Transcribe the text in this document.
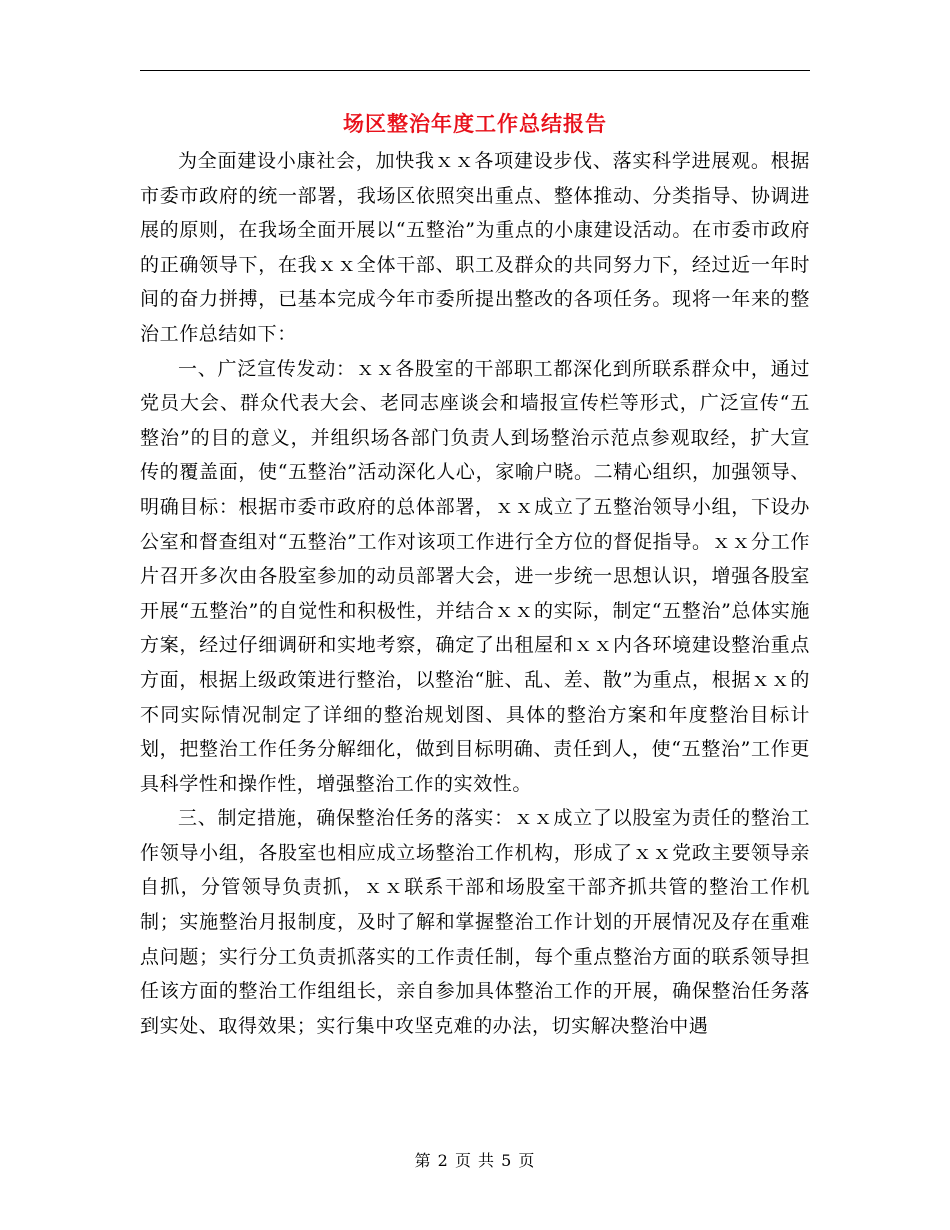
场区整治年度工作总结报告

为全面建设小康社会，加快我ｘｘ各项建设步伐、落实科学进展观。根据市委市政府的统一部署，我场区依照突出重点、整体推动、分类指导、协调进展的原则，在我场全面开展以“五整治”为重点的小康建设活动。在市委市政府的正确领导下，在我ｘｘ全体干部、职工及群众的共同努力下，经过近一年时间的奋力拼搏，已基本完成今年市委所提出整改的各项任务。现将一年来的整治工作总结如下：

一、广泛宣传发动：ｘｘ各股室的干部职工都深化到所联系群众中，通过党员大会、群众代表大会、老同志座谈会和墙报宣传栏等形式，广泛宣传“五整治”的目的意义，并组织场各部门负责人到场整治示范点参观取经，扩大宣传的覆盖面，使“五整治”活动深化人心，家喻户晓。二精心组织，加强领导、明确目标：根据市委市政府的总体部署，ｘｘ成立了五整治领导小组，下设办公室和督查组对“五整治”工作对该项工作进行全方位的督促指导。ｘｘ分工作片召开多次由各股室参加的动员部署大会，进一步统一思想认识，增强各股室开展“五整治”的自觉性和积极性，并结合ｘｘ的实际，制定“五整治”总体实施方案，经过仔细调研和实地考察，确定了出租屋和ｘｘ内各环境建设整治重点方面，根据上级政策进行整治，以整治“脏、乱、差、散”为重点，根据ｘｘ的不同实际情况制定了详细的整治规划图、具体的整治方案和年度整治目标计划，把整治工作任务分解细化，做到目标明确、责任到人，使“五整治”工作更具科学性和操作性，增强整治工作的实效性。

三、制定措施，确保整治任务的落实：ｘｘ成立了以股室为责任的整治工作领导小组，各股室也相应成立场整治工作机构，形成了ｘｘ党政主要领导亲自抓，分管领导负责抓，ｘｘ联系干部和场股室干部齐抓共管的整治工作机制；实施整治月报制度，及时了解和掌握整治工作计划的开展情况及存在重难点问题；实行分工负责抓落实的工作责任制，每个重点整治方面的联系领导担任该方面的整治工作组组长，亲自参加具体整治工作的开展，确保整治任务落到实处、取得效果；实行集中攻坚克难的办法，切实解决整治中遇

第 2 页 共 5 页
